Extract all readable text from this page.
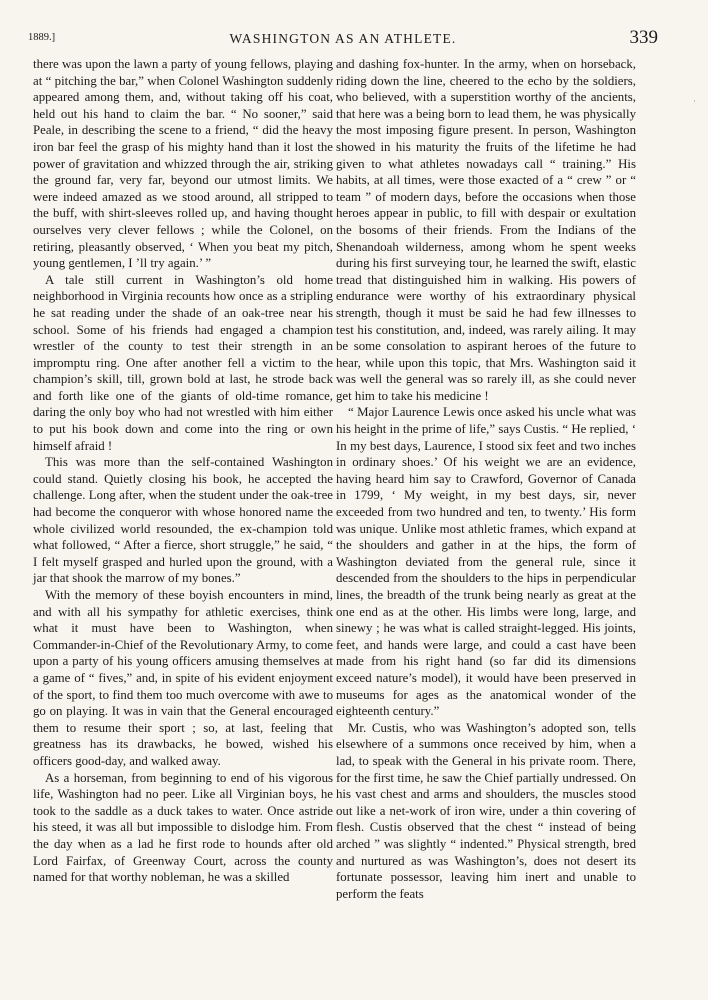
1889.]	WASHINGTON AS AN ATHLETE.	339
·

there was upon the lawn a party of young fellows, playing at “ pitching the bar,” when Colonel Washington suddenly appeared among them, and, without taking off his coat, held out his hand to claim the bar. “ No sooner,” said Peale, in describing the scene to a friend, “ did the heavy iron bar feel the grasp of his mighty hand than it lost the power of gravitation and whizzed through the air, striking the ground far, very far, beyond our utmost limits. We were indeed amazed as we stood around, all stripped to the buff, with shirt-sleeves rolled up, and having thought ourselves very clever fellows ; while the Colonel, on retiring, pleasantly observed, ‘ When you beat my pitch, young gentlemen, I ’ll try again.’ ”

A tale still current in Washington’s old home neighborhood in Virginia recounts how once as a stripling he sat reading under the shade of an oak-tree near his school. Some of his friends had engaged a champion wrestler of the county to test their strength in an impromptu ring. One after another fell a victim to the champion’s skill, till, grown bold at last, he strode back and forth like one of the giants of old-time romance, daring the only boy who had not wrestled with him either to put his book down and come into the ring or own himself afraid !

This was more than the self-contained Washington could stand. Quietly closing his book, he accepted the challenge. Long after, when the student under the oak-tree had become the conqueror with whose honored name the whole civilized world resounded, the ex-champion told what followed, “ After a fierce, short struggle,” he said, “ I felt myself grasped and hurled upon the ground, with a jar that shook the marrow of my bones.”

With the memory of these boyish encounters in mind, and with all his sympathy for athletic exercises, think what it must have been to Washington, when Commander-in-Chief of the Revolutionary Army, to come upon a party of his young officers amusing themselves at a game of “ fives,” and, in spite of his evident enjoyment of the sport, to find them too much overcome with awe to go on playing. It was in vain that the General encouraged them to resume their sport ; so, at last, feeling that greatness has its drawbacks, he bowed, wished his officers good-day, and walked away.

As a horseman, from beginning to end of his vigorous life, Washington had no peer. Like all Virginian boys, he took to the saddle as a duck takes to water. Once astride his steed, it was all but impossible to dislodge him. From the day when as a lad he first rode to hounds after old Lord Fairfax, of Greenway Court, across the county named for that worthy nobleman, he was a skilled

and dashing fox-hunter. In the army, when on horseback, riding down the line, cheered to the echo by the soldiers, who believed, with a superstition worthy of the ancients, that here was a being born to lead them, he was physically the most imposing figure present. In person, Washington showed in his maturity the fruits of the lifetime he had given to what athletes nowadays call “ training.” His habits, at all times, were those exacted of a “ crew ” or “ team ” of modern days, before the occasions when those heroes appear in public, to fill with despair or exultation the bosoms of their friends. From the Indians of the Shenandoah wilderness, among whom he spent weeks during his first surveying tour, he learned the swift, elastic tread that distinguished him in walking. His powers of endurance were worthy of his extraordinary physical strength, though it must be said he had few illnesses to test his constitution, and, indeed, was rarely ailing. It may be some consolation to aspirant heroes of the future to hear, while upon this topic, that Mrs. Washington said it was well the general was so rarely ill, as she could never get him to take his medicine !

“ Major Laurence Lewis once asked his uncle what was his height in the prime of life,” says Custis. “ He replied, ‘ In my best days, Laurence, I stood six feet and two inches in ordinary shoes.’ Of his weight we are an evidence, having heard him say to Crawford, Governor of Canada in 1799, ‘ My weight, in my best days, sir, never exceeded from two hundred and ten, to twenty.’ His form was unique. Unlike most athletic frames, which expand at the shoulders and gather in at the hips, the form of Washington deviated from the general rule, since it descended from the shoulders to the hips in perpendicular lines, the breadth of the trunk being nearly as great at the one end as at the other. His limbs were long, large, and sinewy ; he was what is called straight-legged. His joints, feet, and hands were large, and could a cast have been made from his right hand (so far did its dimensions exceed nature’s model), it would have been preserved in museums for ages as the anatomical wonder of the eighteenth century.”

Mr. Custis, who was Washington’s adopted son, tells elsewhere of a summons once received by him, when a lad, to speak with the General in his private room. There, for the first time, he saw the Chief partially undressed. On his vast chest and arms and shoulders, the muscles stood out like a net-work of iron wire, under a thin covering of flesh. Custis observed that the chest “ instead of being arched ” was slightly “ indented.” Physical strength, bred and nurtured as was Washington’s, does not desert its fortunate possessor, leaving him inert and unable to perform the feats
